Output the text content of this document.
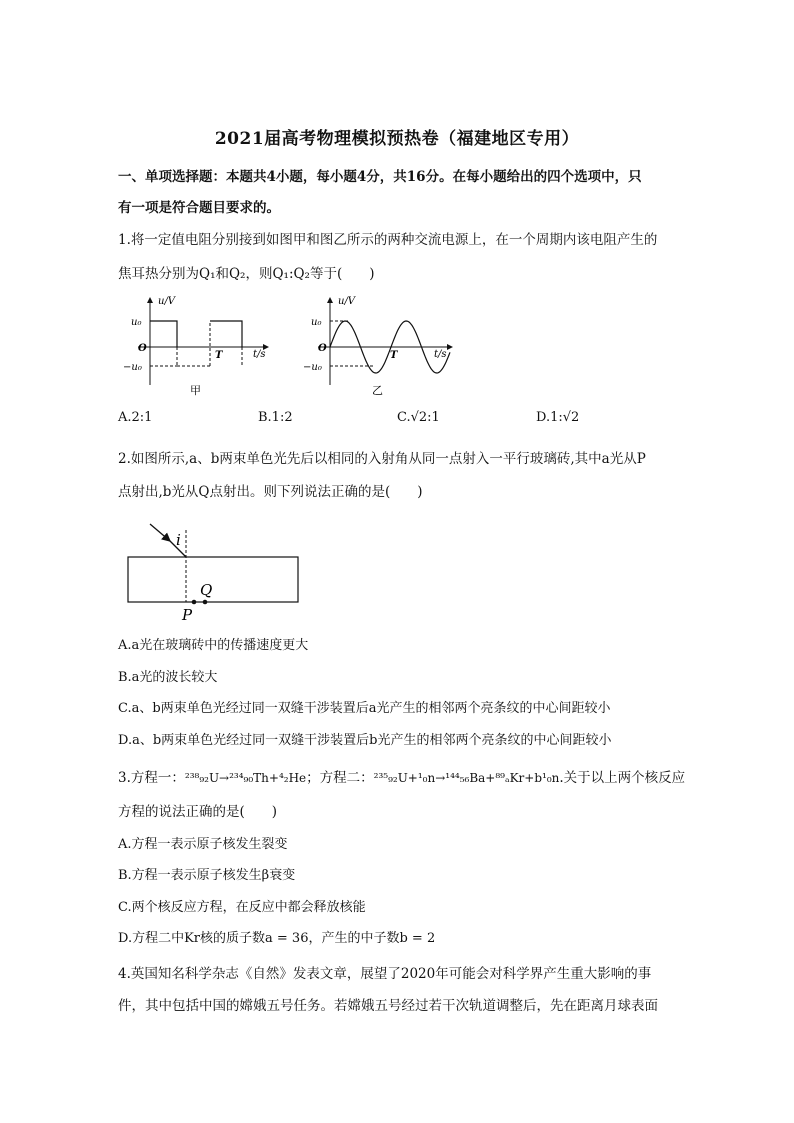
2021届高考物理模拟预热卷（福建地区专用）
一、单项选择题：本题共4小题，每小题4分，共16分。在每小题给出的四个选项中，只
有一项是符合题目要求的。
1.将一定值电阻分别接到如图甲和图乙所示的两种交流电源上，在一个周期内该电阻产生的
焦耳热分别为Q₁和Q₂，则Q₁:Q₂等于(　　)
u/V
t/s
u₀
−u₀
O
T
甲
u/V
t/s
u₀
−u₀
O
T
乙
A.2:1	B.1:2	C.√2:1	D.1:√2
2.如图所示,a、b两束单色光先后以相同的入射角从同一点射入一平行玻璃砖,其中a光从P
点射出,b光从Q点射出。则下列说法正确的是(　　)
i
P
Q
A.a光在玻璃砖中的传播速度更大
B.a光的波长较大
C.a、b两束单色光经过同一双缝干涉装置后a光产生的相邻两个亮条纹的中心间距较小
D.a、b两束单色光经过同一双缝干涉装置后b光产生的相邻两个亮条纹的中心间距较小
3.方程一：²³⁸₉₂U→²³⁴₉₀Th+⁴₂He；方程二：²³⁵₉₂U+¹₀n→¹⁴⁴₅₆Ba+⁸⁹ₐKr+b¹₀n.关于以上两个核反应
方程的说法正确的是(　　)
A.方程一表示原子核发生裂变
B.方程一表示原子核发生β衰变
C.两个核反应方程，在反应中都会释放核能
D.方程二中Kr核的质子数a = 36，产生的中子数b = 2
4.英国知名科学杂志《自然》发表文章，展望了2020年可能会对科学界产生重大影响的事
件，其中包括中国的嫦娥五号任务。若嫦娥五号经过若干次轨道调整后，先在距离月球表面
